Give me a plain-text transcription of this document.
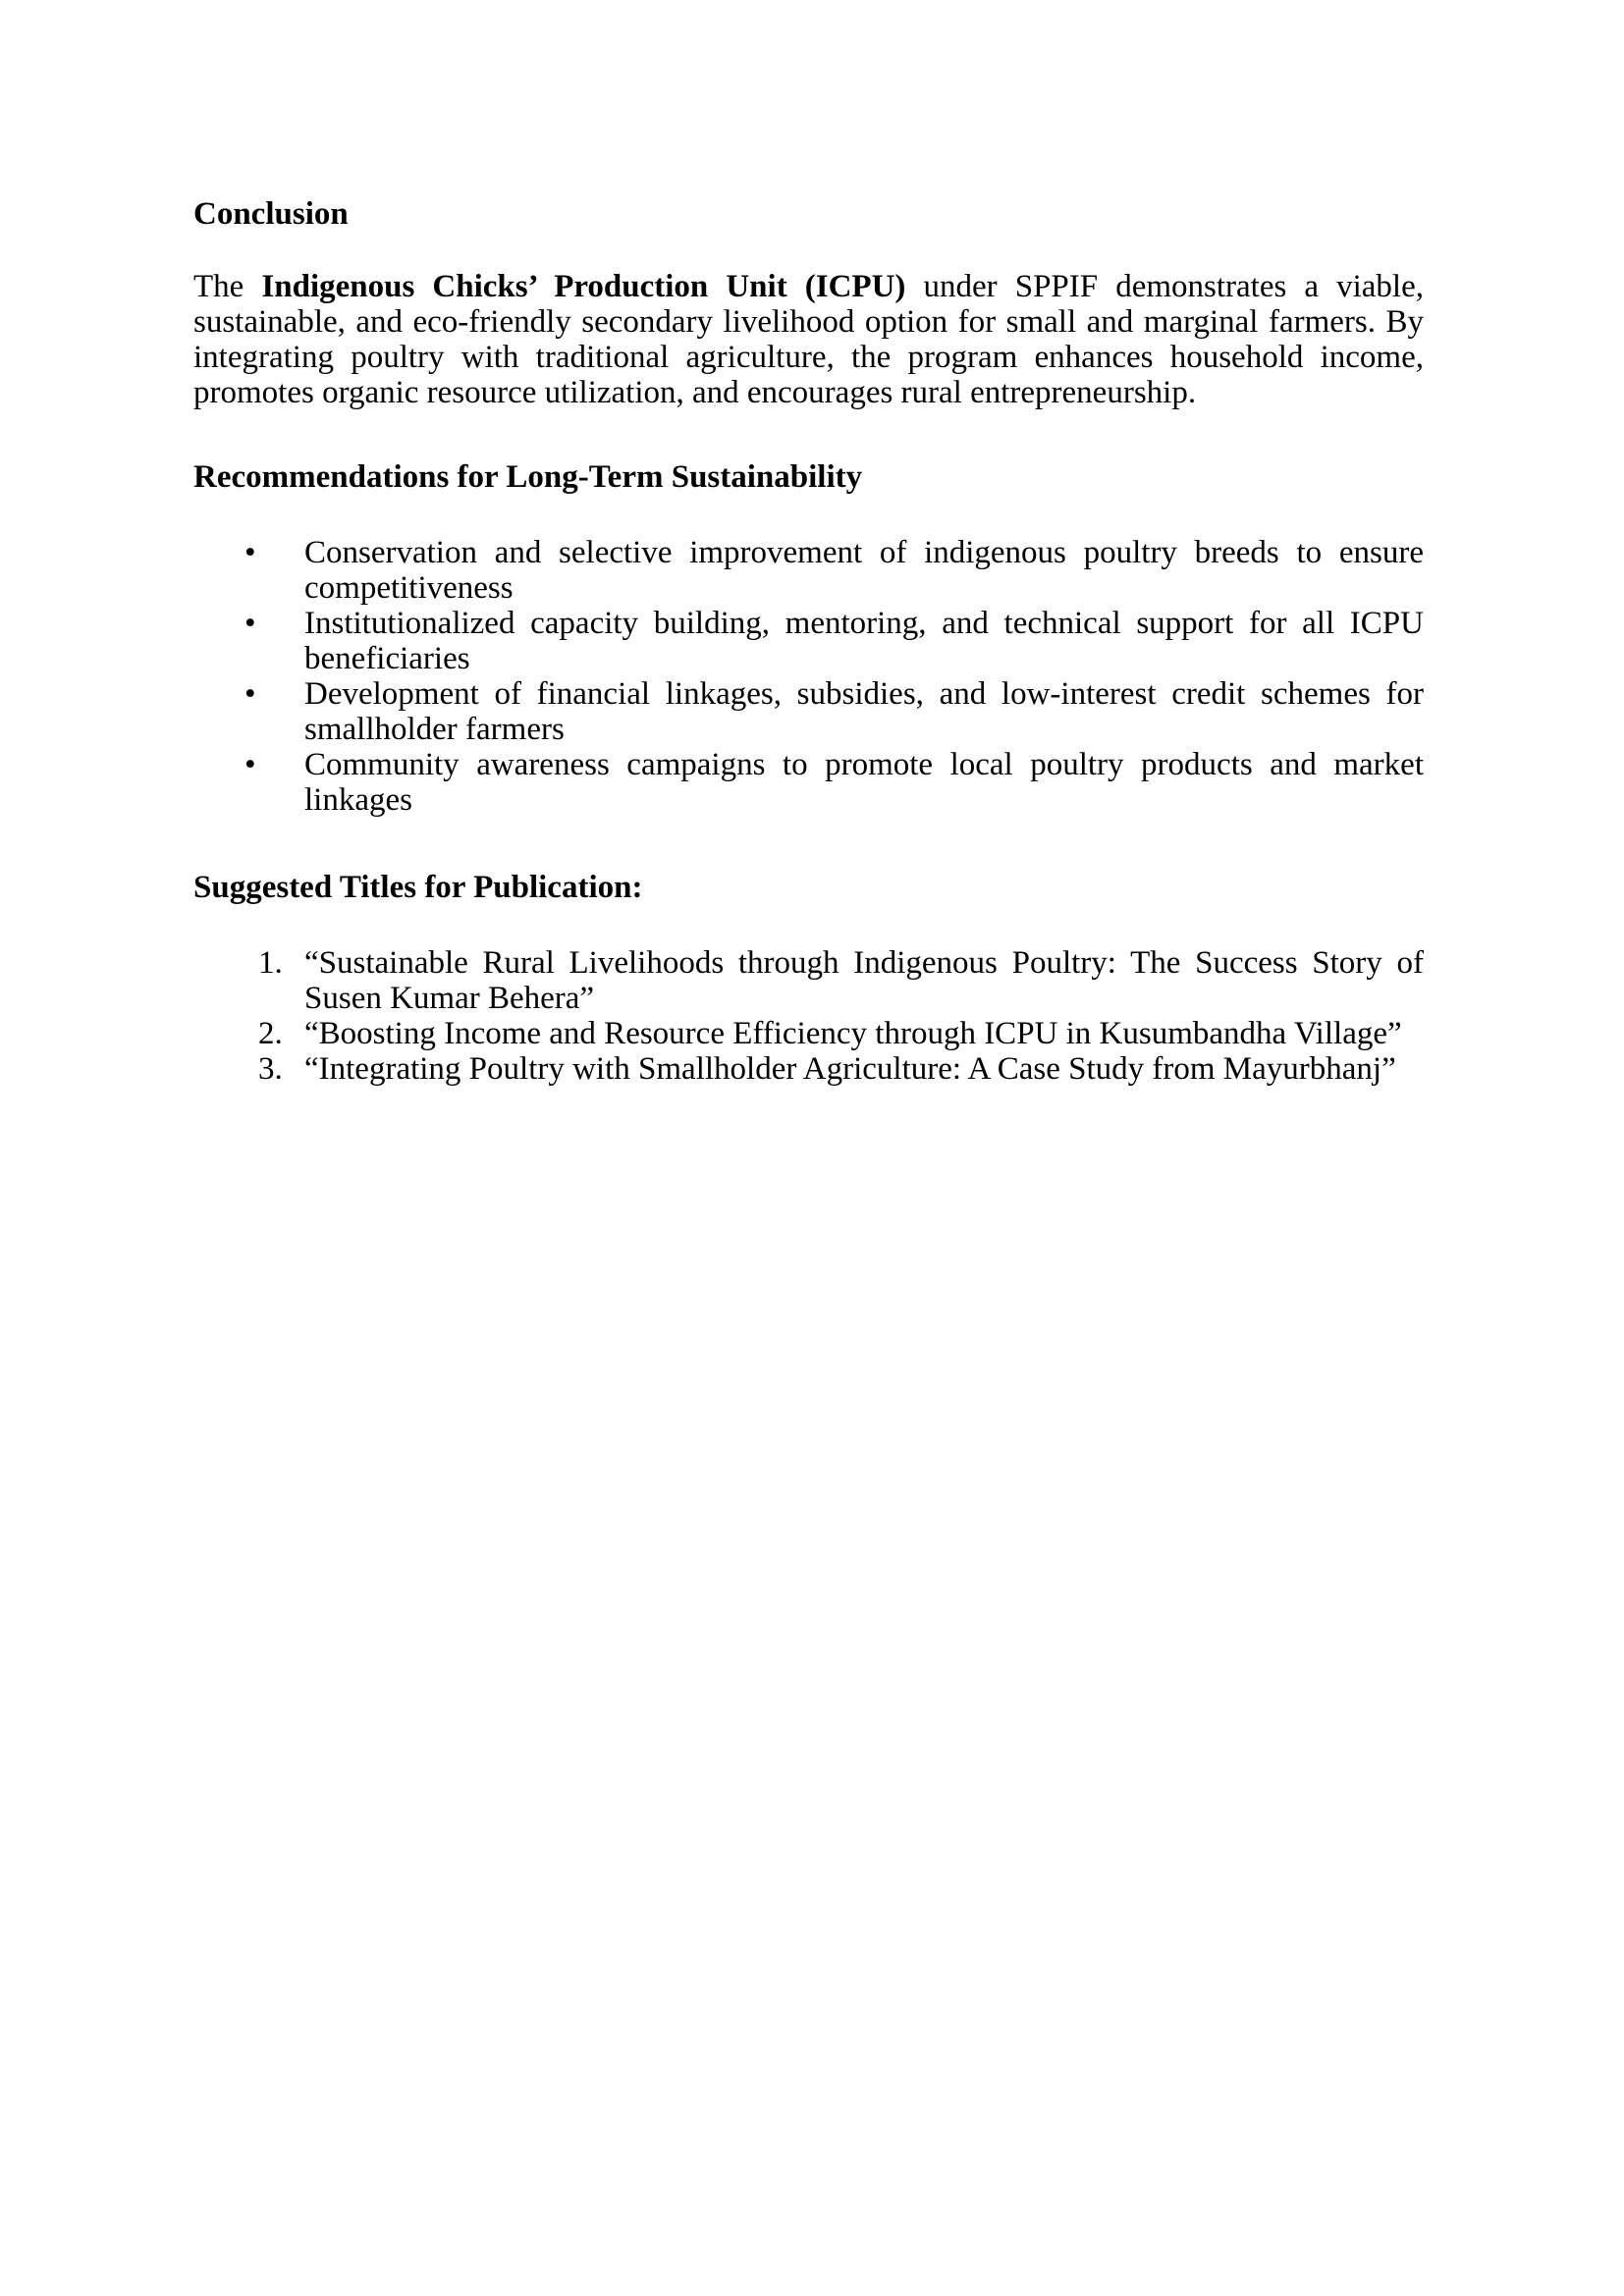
Conclusion

The Indigenous Chicks’ Production Unit (ICPU) under SPPIF demonstrates a viable, sustainable, and eco-friendly secondary livelihood option for small and marginal farmers. By integrating poultry with traditional agriculture, the program enhances household income, promotes organic resource utilization, and encourages rural entrepreneurship.

Recommendations for Long-Term Sustainability

• Conservation and selective improvement of indigenous poultry breeds to ensure competitiveness
• Institutionalized capacity building, mentoring, and technical support for all ICPU beneficiaries
• Development of financial linkages, subsidies, and low-interest credit schemes for smallholder farmers
• Community awareness campaigns to promote local poultry products and market linkages

Suggested Titles for Publication:

1. “Sustainable Rural Livelihoods through Indigenous Poultry: The Success Story of Susen Kumar Behera”
2. “Boosting Income and Resource Efficiency through ICPU in Kusumbandha Village”
3. “Integrating Poultry with Smallholder Agriculture: A Case Study from Mayurbhanj”
